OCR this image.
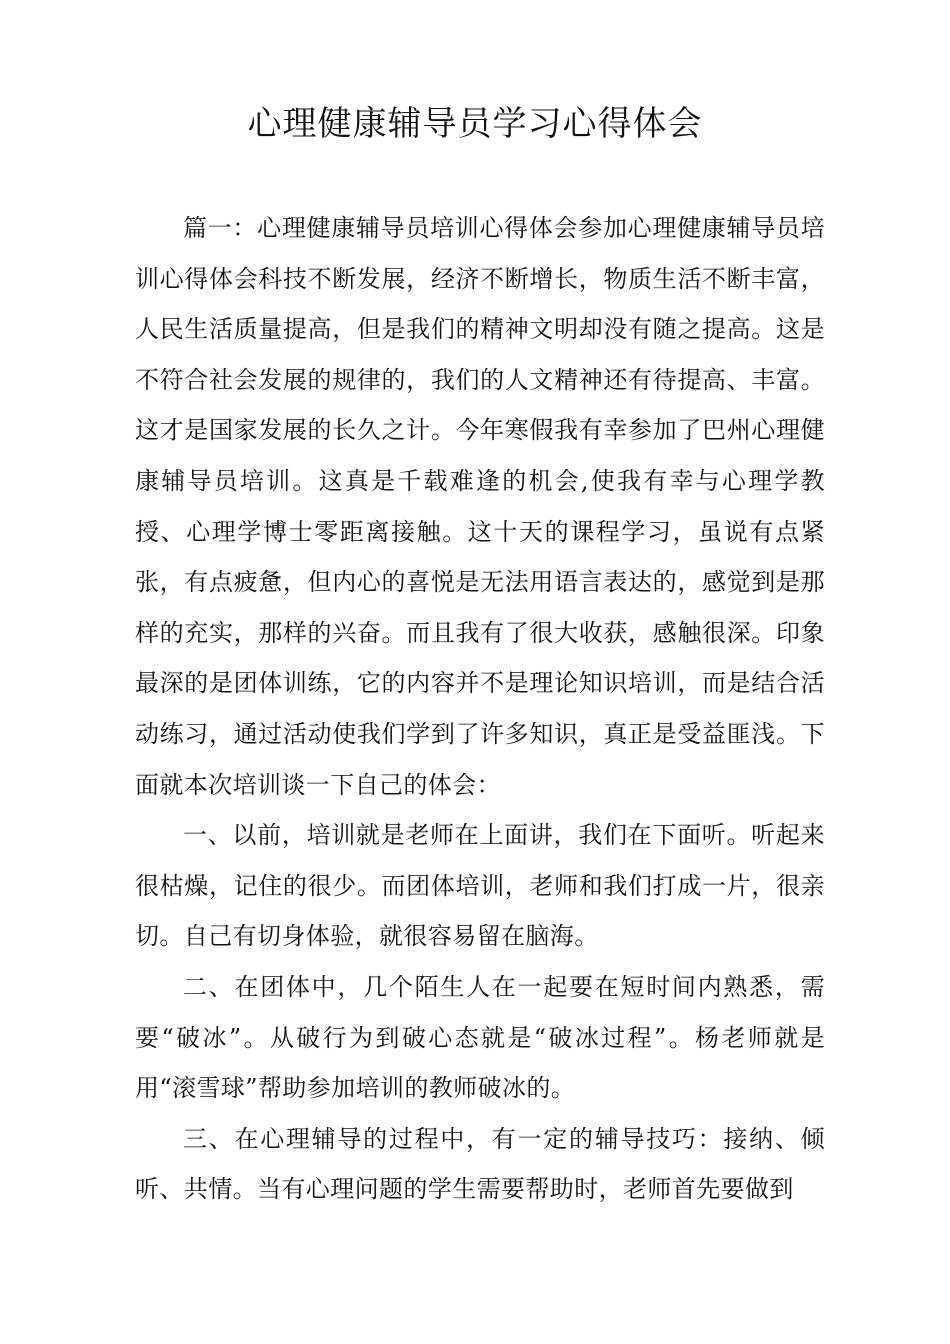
心理健康辅导员学习心得体会

篇一：心理健康辅导员培训心得体会参加心理健康辅导员培训心得体会科技不断发展，经济不断增长，物质生活不断丰富，人民生活质量提高，但是我们的精神文明却没有随之提高。这是不符合社会发展的规律的，我们的人文精神还有待提高、丰富。这才是国家发展的长久之计。今年寒假我有幸参加了巴州心理健康辅导员培训。这真是千载难逢的机会,使我有幸与心理学教授、心理学博士零距离接触。这十天的课程学习，虽说有点紧张，有点疲惫，但内心的喜悦是无法用语言表达的，感觉到是那样的充实，那样的兴奋。而且我有了很大收获，感触很深。印象最深的是团体训练，它的内容并不是理论知识培训，而是结合活动练习，通过活动使我们学到了许多知识，真正是受益匪浅。下面就本次培训谈一下自己的体会：

一、以前，培训就是老师在上面讲，我们在下面听。听起来很枯燥，记住的很少。而团体培训，老师和我们打成一片，很亲切。自己有切身体验，就很容易留在脑海。

二、在团体中，几个陌生人在一起要在短时间内熟悉，需要“破冰”。从破行为到破心态就是“破冰过程”。杨老师就是用“滚雪球”帮助参加培训的教师破冰的。

三、在心理辅导的过程中，有一定的辅导技巧：接纳、倾听、共情。当有心理问题的学生需要帮助时，老师首先要做到
